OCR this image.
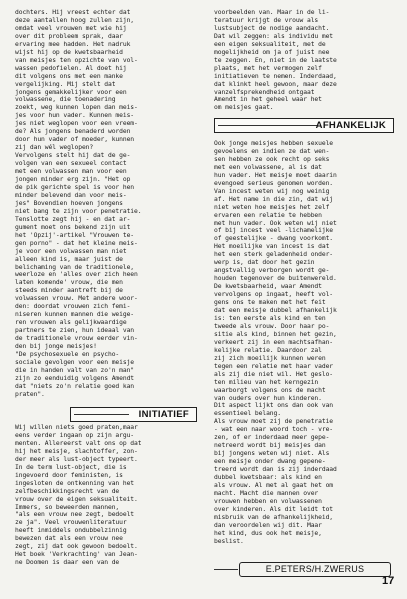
dochters. Hij vreest echter dat

deze aantallen hoog zullen zijn,

omdat veel vrouwen met wie hij

over dit probleem sprak, daar

ervaring mee hadden. Het nadruk

wijst hij op de kwetsbaarheid

van meisjes ten opzichte van vol-

wassen pedofielen. Al doet hij

dit volgens ons met een manke

vergelijking. Mij stelt dat

jongens gemakkelijker voor een

volwassene, die toenadering

zoekt, weg kunnen lopen dan meis-

jes voor hun vader. Kunnen meis-

jes niet weglopen voor een vreem-

de? Als jongens benaderd worden

door hun vader of moeder, kunnen

zij dan wél weglopen?

Vervolgens stelt hij dat de ge-

volgen van een sexueel contact

met een volwassen man voor een

jongen minder erg zijn. "Het op

de pik gerichte spel is voor hen

minder belevend dan voor meis-

jes" Bovendien hoeven jongens

niet bang te zijn voor penetratie.

Tenslotte zegt hij - en dat ar-

gument moet ons bekend zijn uit

het 'Opzij'-artikel "Vrouwen te-

gen porno" - dat het kleine meis-

je voor een volwassen man niet

alleen kind is, maar juist de

belichaming van de traditionele,

weerloze en 'alles over zich heen

laten komende' vrouw, die men

steeds minder aantreft bij de

volwassen vrouw. Met andere woor-

den: doordat vrouwen zich femi-

niseren kunnen mannen die weige-

ren vrouwen als gelijkwaardige

partners te zien, hun ideaal van

de traditionele vrouw eerder vin-

den bij jonge meisjes!

"De psychosexuele en psycho-

sociale gevolgen voor een meisje

die in handen valt van zo'n man"

zijn zo eenduidig volgens Amendt

dat "niets zo'n relatie goed kan

praten".

INITIATIEF

Wij willen niets goed praten,maar

eens verder ingaan op zijn argu-

menten. Allereerst valt ons op dat

hij het meisje, slachtoffer, zon-

der meer als lust-object typeert.

In de term lust-object, die is

ingevoerd door feministen, is

ingesloten de ontkenning van het

zelfbeschikkingsrecht van de

vrouw over de eigen seksualiteit.

Immers, so beweerden mannen,

"als een vrouw nee zegt, bedoelt

ze ja". Veel vrouwenliteratuur

heeft inmiddels ondubbelzinnig

bewezen dat als een vrouw nee

zegt, zij dat ook gewoon bedoelt.

Het boek 'Verkrachting' van Jean-

ne Doomen is daar een van de

voorbeelden van. Maar in de li-

teratuur krijgt de vrouw als

lustsubject de nodige aandacht.

Dat wil zeggen: als individu met

een eigen seksualiteit, met de

mogelijkheid om ja of juist nee

te zeggen. En, niet in de laatste

plaats, met het vermogen zelf

initiatieven te nemen. Inderdaad,

dat klinkt heel gewoon, maar deze

vanzelfsprekendheid ontgaat

Amendt in het geheel waar het

om meisjes gaat.

AFHANKELIJK

Ook jonge meisjes hebben sexuele

gevoelens en indien ze dat wen-

sen hebben ze ook recht op seks

met een volwassene, al is dat

hun vader. Het meisje moet daarin

evengoed serieus genomen worden.

Van incest weten wij nog weinig

af. Het name in die zin, dat wij

niet weten hoe meisjes het zelf

ervaren een relatie te hebben

met hun vader. Ook weten wij niet

of bij incest veel -lichamelijke

of geestelijke - dwang voorkomt.

Het moeilijke van incest is dat

het een sterk geladenheid onder-

werp is, dat door het gezin

angstvallig verborgen wordt ge-

houden tegenover de buitenwereld.

De kwetsbaarheid, waar Amendt

vervolgens op ingaat, heeft vol-

gens ons te maken met het feit

dat een meisje dubbel afhankelijk

is: ten eerste als kind en ten

tweede als vrouw. Door haar po-

sitie als kind, binnen het gezin,

verkeert zij in een machtsafhan-

kelijke relatie. Daardoor zal

zij zich moeilijk kunnen weren

tegen een relatie met haar vader

als zij die niet wil. Het geslo-

ten milieu van het kerngezin

waarborgt volgens ons de macht

van ouders over hun kinderen.

Dit aspect lijkt ons dan ook van

essentieel belang.

Als vrouw moet zij de penetratie

- wat een naar woord toch - vre-

zen, of er inderdaad meer gepe-

netreerd wordt bij meisjes dan

bij jongens weten wij niet. Als

een meisje onder dwang gepene-

treerd wordt dan is zij inderdaad

dubbel kwetsbaar: als kind en

als vrouw. Al met al gaat het om

macht. Macht die mannen over

vrouwen hebben en volwassenen

over kinderen. Als dit leidt tot

misbruik van de afhankelijkheid,

dan veroordelen wij dit. Maar

het kind, dus ook het meisje,

beslist.

E.PETERS/H.ZWERUS
17
